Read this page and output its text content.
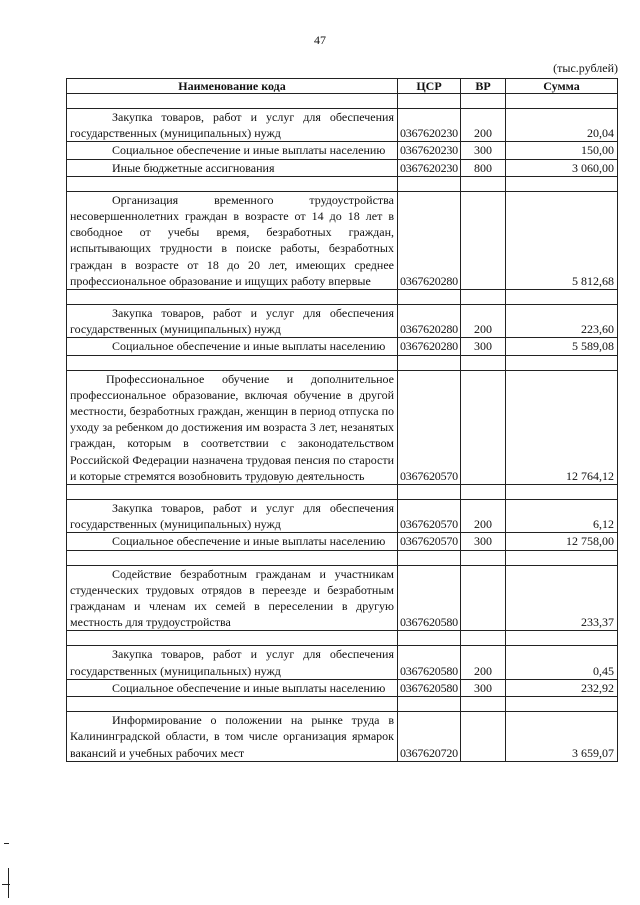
47
(тыс.рублей)
Наименование кода	ЦСР	ВР	Сумма

Закупка товаров, работ и услуг для обеспечения государственных (муниципальных) нужд	0367620230	200	20,04
Социальное обеспечение и иные выплаты населению	0367620230	300	150,00
Иные бюджетные ассигнования	0367620230	800	3 060,00

Организация временного трудоустройства несовершеннолетних граждан в возрасте от 14 до 18 лет в свободное от учебы время, безработных граждан, испытывающих трудности в поиске работы, безработных граждан в возрасте от 18 до 20 лет, имеющих среднее профессиональное образование и ищущих работу впервые	0367620280		5 812,68

Закупка товаров, работ и услуг для обеспечения государственных (муниципальных) нужд	0367620280	200	223,60
Социальное обеспечение и иные выплаты населению	0367620280	300	5 589,08

Профессиональное обучение и дополнительное профессиональное образование, включая обучение в другой местности, безработных граждан, женщин в период отпуска по уходу за ребенком до достижения им возраста 3 лет, незанятых граждан, которым в соответствии с законодательством Российской Федерации назначена трудовая пенсия по старости и которые стремятся возобновить трудовую деятельность	0367620570		12 764,12

Закупка товаров, работ и услуг для обеспечения государственных (муниципальных) нужд	0367620570	200	6,12
Социальное обеспечение и иные выплаты населению	0367620570	300	12 758,00

Содействие безработным гражданам и участникам студенческих трудовых отрядов в переезде и безработным гражданам и членам их семей в переселении в другую местность для трудоустройства	0367620580		233,37

Закупка товаров, работ и услуг для обеспечения государственных (муниципальных) нужд	0367620580	200	0,45
Социальное обеспечение и иные выплаты населению	0367620580	300	232,92

Информирование о положении на рынке труда в Калининградской области, в том числе организация ярмарок вакансий и учебных рабочих мест	0367620720		3 659,07
